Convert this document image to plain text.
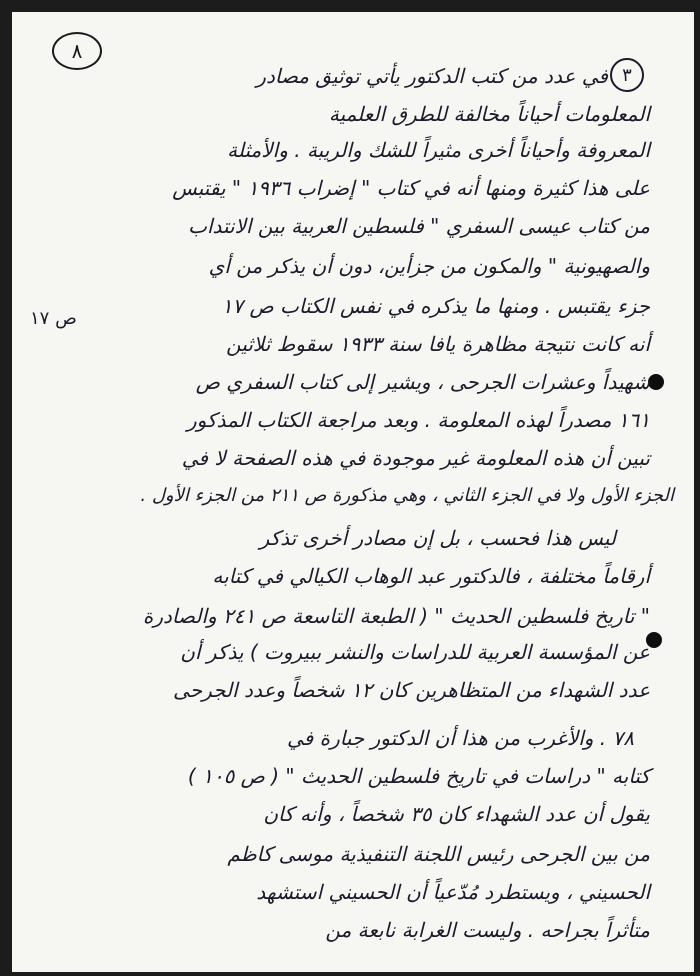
٨
٣
ص ١٧
في عدد من كتب الدكتور يأتي توثيق مصادر
المعلومات أحياناً مخالفة للطرق العلمية
المعروفة وأحياناً أخرى مثيراً للشك والريبة . والأمثلة
على هذا كثيرة ومنها أنه في كتاب " إضراب ١٩٣٦ " يقتبس
من كتاب عيسى السفري " فلسطين العربية بين الانتداب
والصهيونية " والمكون من جزأين، دون أن يذكر من أي
جزء يقتبس . ومنها ما يذكره في نفس الكتاب ص ١٧
أنه كانت نتيجة مظاهرة يافا سنة ١٩٣٣ سقوط ثلاثين
شهيداً وعشرات الجرحى ، ويشير إلى كتاب السفري ص
١٦١ مصدراً لهذه المعلومة . وبعد مراجعة الكتاب المذكور
تبين أن هذه المعلومة غير موجودة في هذه الصفحة لا في
الجزء الأول ولا في الجزء الثاني ، وهي مذكورة ص ٢١١ من الجزء الأول .
ليس هذا فحسب ، بل إن مصادر أخرى تذكر
أرقاماً مختلفة ، فالدكتور عبد الوهاب الكيالي في كتابه
" تاريخ فلسطين الحديث " ( الطبعة التاسعة ص ٢٤١ والصادرة
عن المؤسسة العربية للدراسات والنشر ببيروت ) يذكر أن
عدد الشهداء من المتظاهرين كان ١٢ شخصاً وعدد الجرحى
٧٨ . والأغرب من هذا أن الدكتور جبارة في
كتابه " دراسات في تاريخ فلسطين الحديث " ( ص ١٠٥ )
يقول أن عدد الشهداء كان ٣٥ شخصاً ، وأنه كان
من بين الجرحى رئيس اللجنة التنفيذية موسى كاظم
الحسيني ، ويستطرد مُدّعياً أن الحسيني استشهد
متأثراً بجراحه . وليست الغرابة نابعة من
